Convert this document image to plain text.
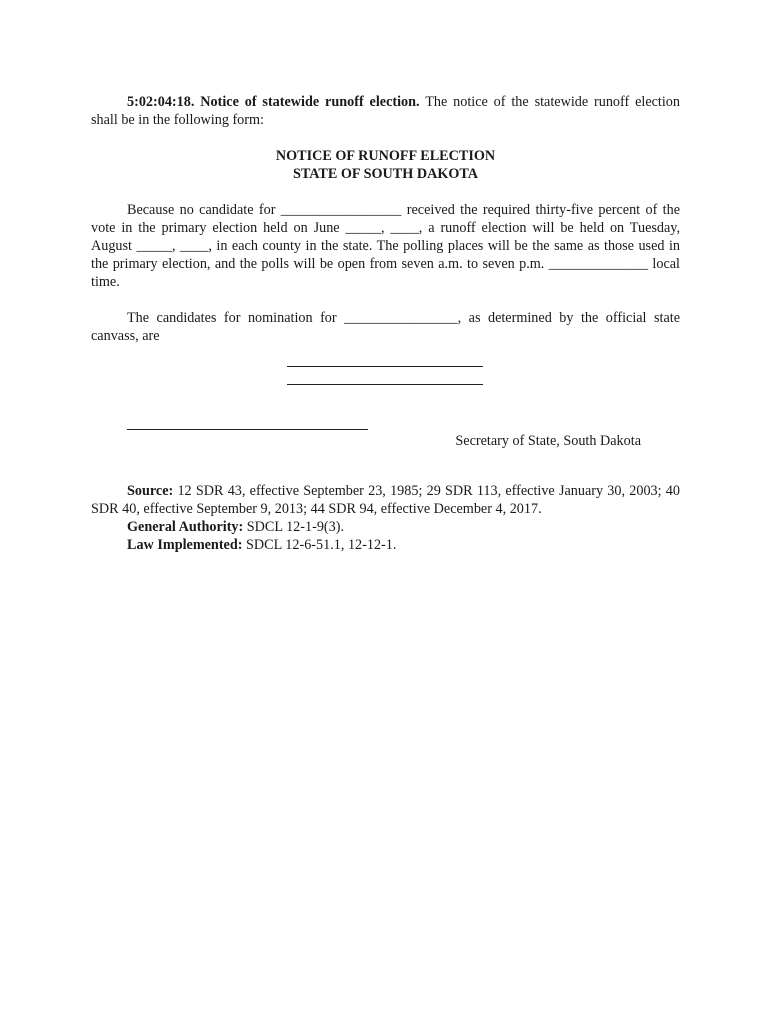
5:02:04:18. Notice of statewide runoff election. The notice of the statewide runoff election shall be in the following form:

NOTICE OF RUNOFF ELECTION
STATE OF SOUTH DAKOTA

Because no candidate for _________________ received the required thirty-five percent of the vote in the primary election held on June _____, ____, a runoff election will be held on Tuesday, August _____, ____, in each county in the state. The polling places will be the same as those used in the primary election, and the polls will be open from seven a.m. to seven p.m. ______________ local time.

The candidates for nomination for ________________, as determined by the official state canvass, are

Secretary of State, South Dakota

Source: 12 SDR 43, effective September 23, 1985; 29 SDR 113, effective January 30, 2003; 40 SDR 40, effective September 9, 2013; 44 SDR 94, effective December 4, 2017.

General Authority: SDCL 12-1-9(3).
Law Implemented: SDCL 12-6-51.1, 12-12-1.
